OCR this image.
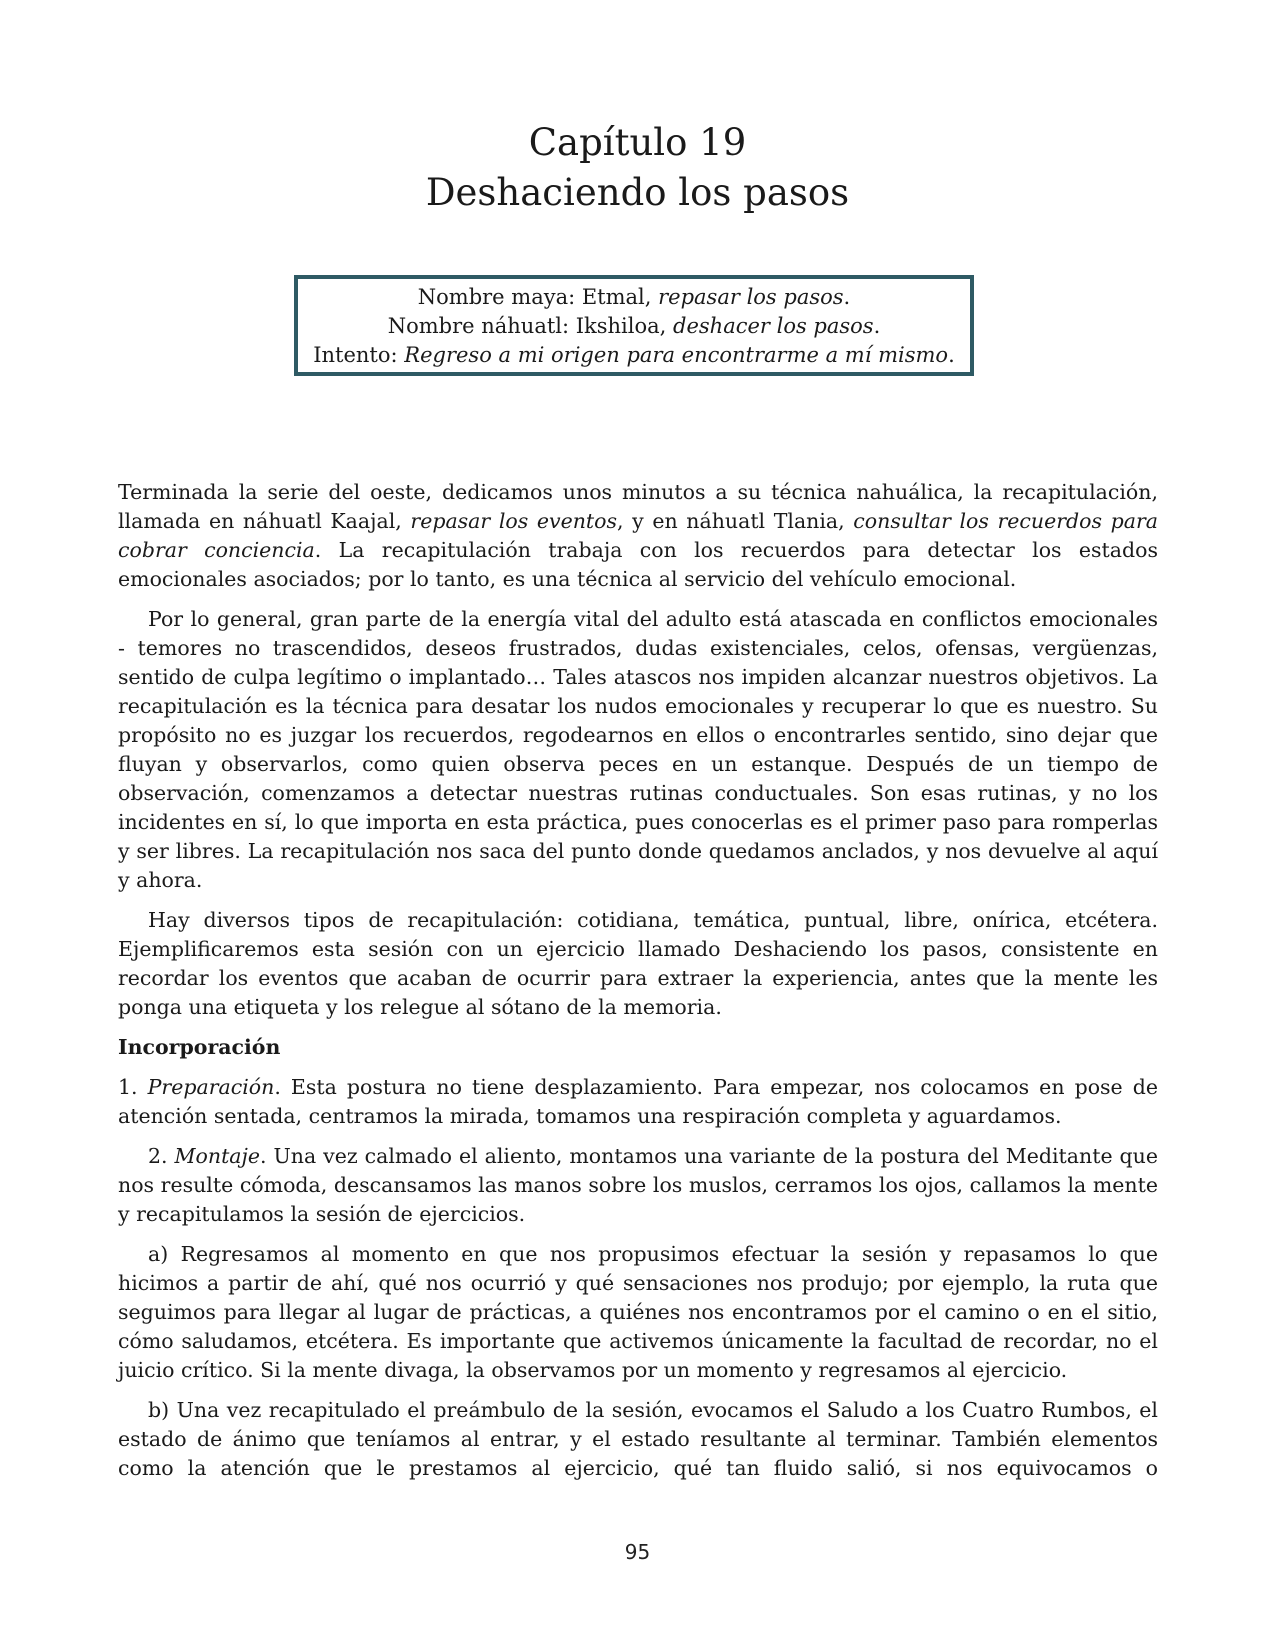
Capítulo 19
Deshaciendo los pasos

Nombre maya: Etmal, repasar los pasos.

Nombre náhuatl: Ikshiloa, deshacer los pasos.

Intento: Regreso a mi origen para encontrarme a mí mismo.

Terminada la serie del oeste, dedicamos unos minutos a su técnica nahuálica, la recapitulación, llamada en náhuatl Kaajal, repasar los eventos, y en náhuatl Tlania, consultar los recuerdos para cobrar conciencia. La recapitulación trabaja con los recuerdos para detectar los estados emocionales asociados; por lo tanto, es una técnica al servicio del vehículo emocional.

Por lo general, gran parte de la energía vital del adulto está atascada en conflictos emocionales - temores no trascendidos, deseos frustrados, dudas existenciales, celos, ofensas, vergüenzas, sentido de culpa legítimo o implantado… Tales atascos nos impiden alcanzar nuestros objetivos. La recapitulación es la técnica para desatar los nudos emocionales y recuperar lo que es nuestro. Su propósito no es juzgar los recuerdos, regodearnos en ellos o encontrarles sentido, sino dejar que fluyan y observarlos, como quien observa peces en un estanque. Después de un tiempo de observación, comenzamos a detectar nuestras rutinas conductuales. Son esas rutinas, y no los incidentes en sí, lo que importa en esta práctica, pues conocerlas es el primer paso para romperlas y ser libres. La recapitulación nos saca del punto donde quedamos anclados, y nos devuelve al aquí y ahora.

Hay diversos tipos de recapitulación: cotidiana, temática, puntual, libre, onírica, etcétera. Ejemplificaremos esta sesión con un ejercicio llamado Deshaciendo los pasos, consistente en recordar los eventos que acaban de ocurrir para extraer la experiencia, antes que la mente les ponga una etiqueta y los relegue al sótano de la memoria.

Incorporación

1. Preparación. Esta postura no tiene desplazamiento. Para empezar, nos colocamos en pose de atención sentada, centramos la mirada, tomamos una respiración completa y aguardamos.

2. Montaje. Una vez calmado el aliento, montamos una variante de la postura del Meditante que nos resulte cómoda, descansamos las manos sobre los muslos, cerramos los ojos, callamos la mente y recapitulamos la sesión de ejercicios.

a) Regresamos al momento en que nos propusimos efectuar la sesión y repasamos lo que hicimos a partir de ahí, qué nos ocurrió y qué sensaciones nos produjo; por ejemplo, la ruta que seguimos para llegar al lugar de prácticas, a quiénes nos encontramos por el camino o en el sitio, cómo saludamos, etcétera. Es importante que activemos únicamente la facultad de recordar, no el juicio crítico. Si la mente divaga, la observamos por un momento y regresamos al ejercicio.

b) Una vez recapitulado el preámbulo de la sesión, evocamos el Saludo a los Cuatro Rumbos, el estado de ánimo que teníamos al entrar, y el estado resultante al terminar. También elementos como la atención que le prestamos al ejercicio, qué tan fluido salió, si nos equivocamos o

95
